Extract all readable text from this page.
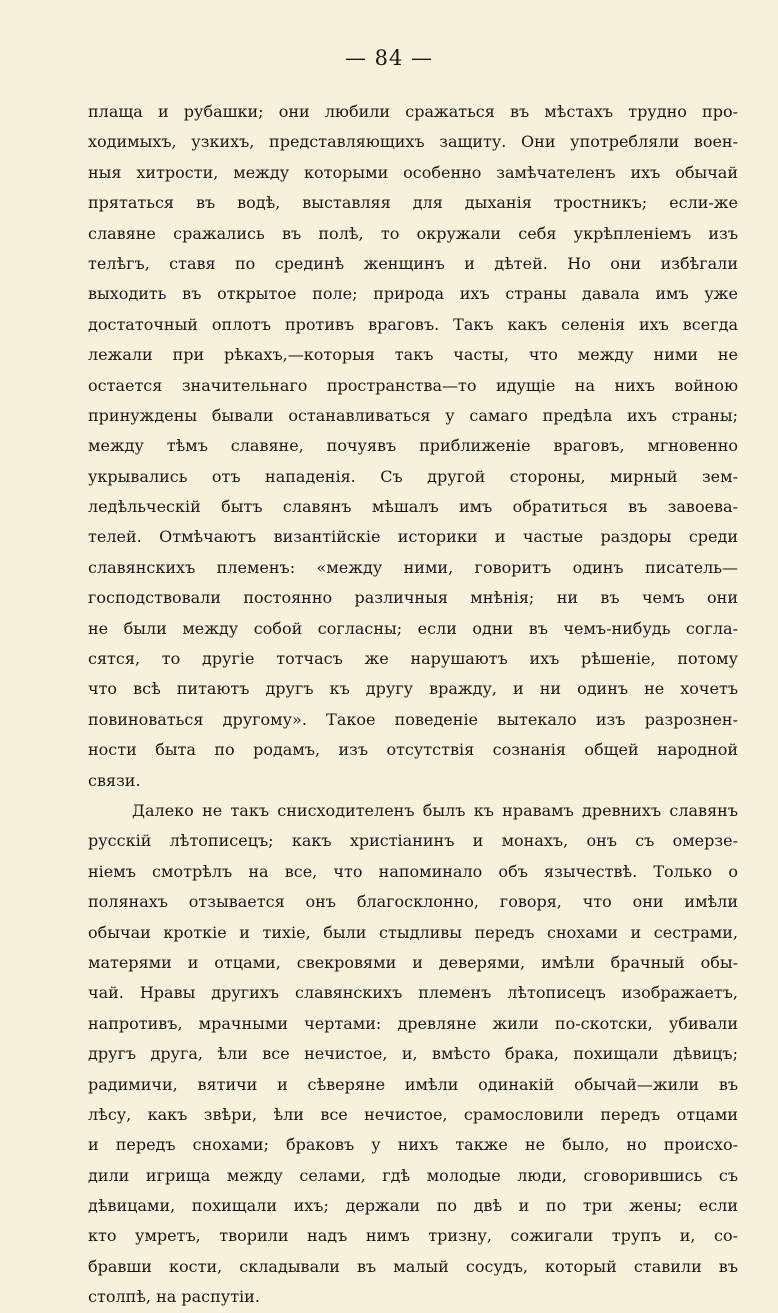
— 84 —
плаща и рубашки; они любили сражаться въ мѣстахъ трудно про-
ходимыхъ, узкихъ, представляющихъ защиту. Они употребляли воен-
ныя хитрости, между которыми особенно замѣчателенъ ихъ обычай
прятаться въ водѣ, выставляя для дыханія тростникъ; если-же
славяне сражались въ полѣ, то окружали себя укрѣпленіемъ изъ
телѣгъ, ставя по срединѣ женщинъ и дѣтей. Но они избѣгали
выходить въ открытое поле; природа ихъ страны давала имъ уже
достаточный оплотъ противъ враговъ. Такъ какъ селенія ихъ всегда
лежали при рѣкахъ,—которыя такъ часты, что между ними не
остается значительнаго пространства—то идущіе на нихъ войною
принуждены бывали останавливаться у самаго предѣла ихъ страны;
между тѣмъ славяне, почуявъ приближеніе враговъ, мгновенно
укрывались отъ нападенія. Съ другой стороны, мирный зем-
ледѣльческій бытъ славянъ мѣшалъ имъ обратиться въ завоева-
телей. Отмѣчаютъ византійскіе историки и частые раздоры среди
славянскихъ племенъ: «между ними, говоритъ одинъ писатель—
господствовали постоянно различныя мнѣнія; ни въ чемъ они
не были между собой согласны; если одни въ чемъ-нибудь согла-
сятся, то другіе тотчасъ же нарушаютъ ихъ рѣшеніе, потому
что всѣ питаютъ другъ къ другу вражду, и ни одинъ не хочетъ
повиноваться другому». Такое поведеніе вытекало изъ разрознен-
ности быта по родамъ, изъ отсутствія сознанія общей народной
связи.
Далеко не такъ снисходителенъ былъ къ нравамъ древнихъ славянъ
русскій лѣтописецъ; какъ христіанинъ и монахъ, онъ съ омерзе-
ніемъ смотрѣлъ на все, что напоминало объ язычествѣ. Только о
полянахъ отзывается онъ благосклонно, говоря, что они имѣли
обычаи кроткіе и тихіе, были стыдливы передъ снохами и сестрами,
матерями и отцами, свекровями и деверями, имѣли брачный обы-
чай. Нравы другихъ славянскихъ племенъ лѣтописецъ изображаетъ,
напротивъ, мрачными чертами: древляне жили по-скотски, убивали
другъ друга, ѣли все нечистое, и, вмѣсто брака, похищали дѣвицъ;
радимичи, вятичи и сѣверяне имѣли одинакій обычай—жили въ
лѣсу, какъ звѣри, ѣли все нечистое, срамословили передъ отцами
и передъ снохами; браковъ у нихъ также не было, но происхо-
дили игрища между селами, гдѣ молодые люди, сговорившись съ
дѣвицами, похищали ихъ; держали по двѣ и по три жены; если
кто умретъ, творили надъ нимъ тризну, сожигали трупъ и, со-
бравши кости, складывали въ малый сосудъ, который ставили въ
столпѣ, на распутіи.
